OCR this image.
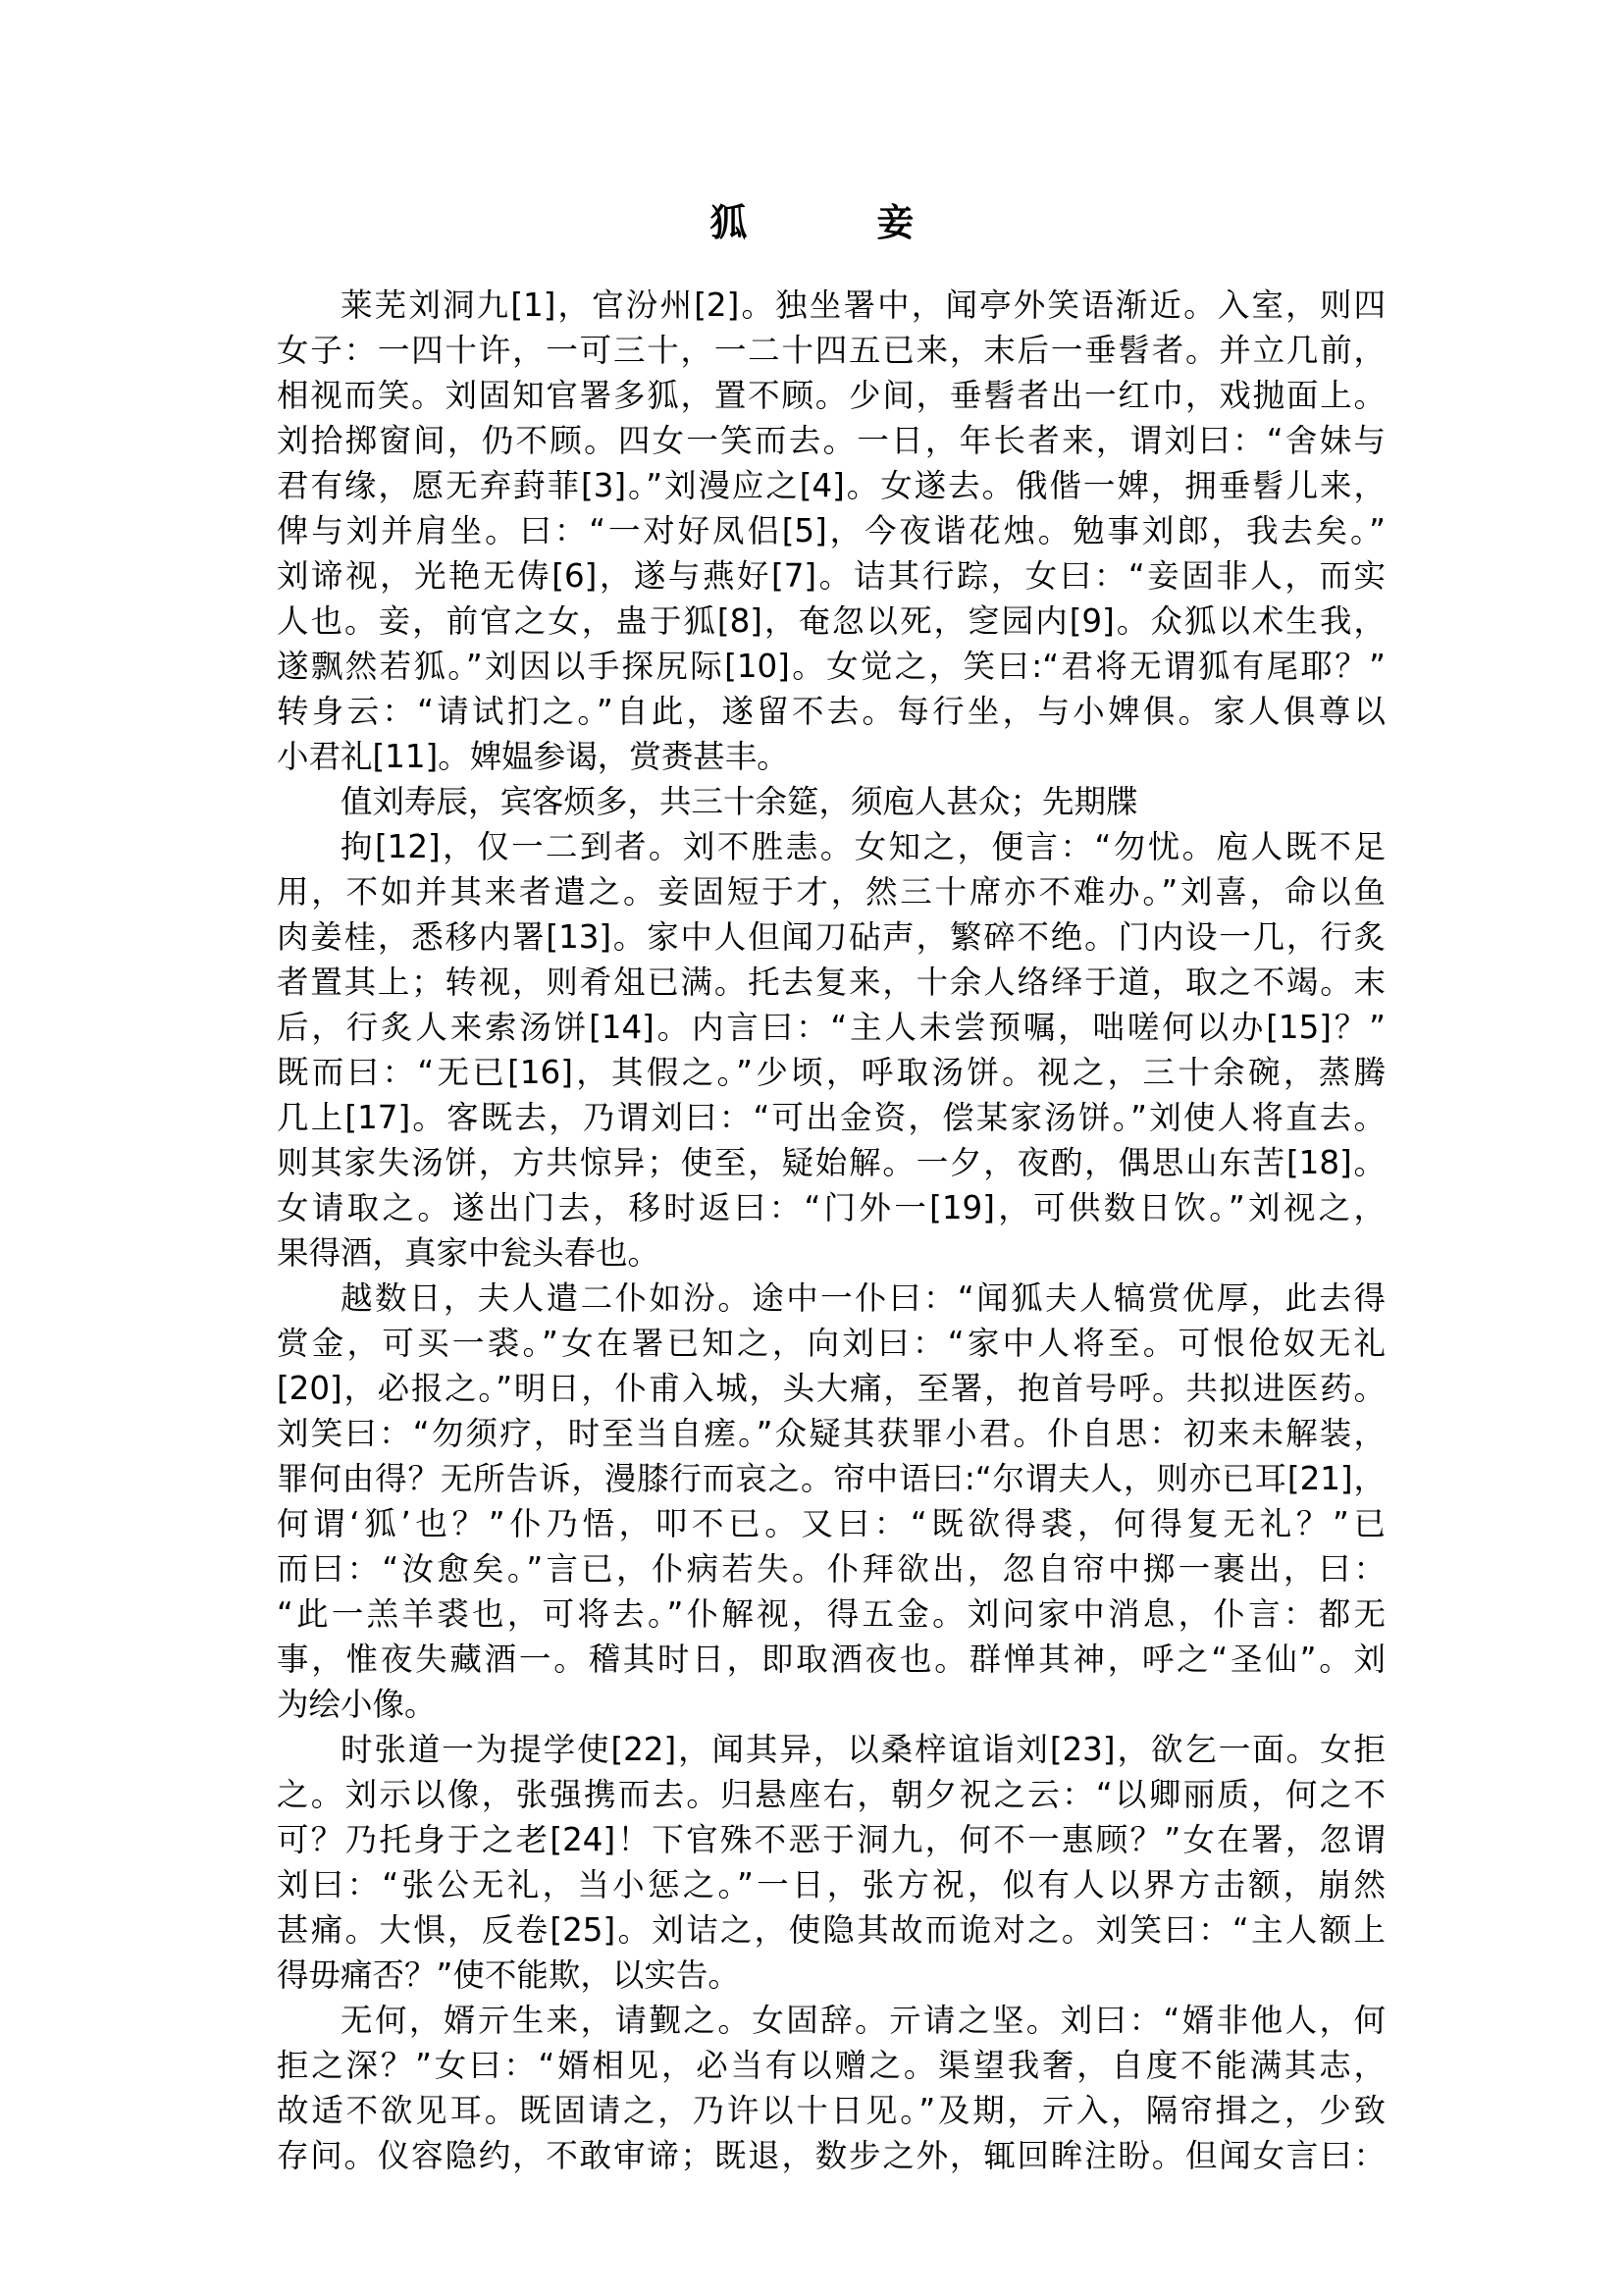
狐	妾
莱芜刘洞九[1]，官汾州[2]。独坐署中，闻亭外笑语渐近。入室，则四
女子：一四十许，一可三十，一二十四五已来，末后一垂髫者。并立几前，
相视而笑。刘固知官署多狐，置不顾。少间，垂髫者出一红巾，戏抛面上。
刘拾掷窗间，仍不顾。四女一笑而去。一日，年长者来，谓刘曰：“舍妹与
君有缘，愿无弃葑菲[3]。”刘漫应之[4]。女遂去。俄偕一婢，拥垂髫儿来，
俾与刘并肩坐。曰：“一对好凤侣[5]，今夜谐花烛。勉事刘郎，我去矣。”
刘谛视，光艳无俦[6]，遂与燕好[7]。诘其行踪，女曰：“妾固非人，而实
人也。妾，前官之女，蛊于狐[8]，奄忽以死，窆园内[9]。众狐以术生我，
遂飘然若狐。”刘因以手探尻际[10]。女觉之，笑曰:“君将无谓狐有尾耶？”
转身云：“请试扪之。”自此，遂留不去。每行坐，与小婢俱。家人俱尊以
小君礼[11]。婢媪参谒，赏赉甚丰。
值刘寿辰，宾客烦多，共三十余筵，须庖人甚众；先期牒
拘[12]，仅一二到者。刘不胜恚。女知之，便言：“勿忧。庖人既不足
用，不如并其来者遣之。妾固短于才，然三十席亦不难办。”刘喜，命以鱼
肉姜桂，悉移内署[13]。家中人但闻刀砧声，繁碎不绝。门内设一几，行炙
者置其上；转视，则肴俎已满。托去复来，十余人络绎于道，取之不竭。末
后，行炙人来索汤饼[14]。内言曰：“主人未尝预嘱，咄嗟何以办[15]？”
既而曰：“无已[16]，其假之。”少顷，呼取汤饼。视之，三十余碗，蒸腾
几上[17]。客既去，乃谓刘曰：“可出金资，偿某家汤饼。”刘使人将直去。
则其家失汤饼，方共惊异；使至，疑始解。一夕，夜酌，偶思山东苦[18]。
女请取之。遂出门去，移时返曰：“门外一[19]，可供数日饮。”刘视之，
果得酒，真家中瓮头春也。
越数日，夫人遣二仆如汾。途中一仆曰：“闻狐夫人犒赏优厚，此去得
赏金，可买一裘。”女在署已知之，向刘曰：“家中人将至。可恨伧奴无礼
[20]，必报之。”明日，仆甫入城，头大痛，至署，抱首号呼。共拟进医药。
刘笑曰：“勿须疗，时至当自瘥。”众疑其获罪小君。仆自思：初来未解装，
罪何由得？无所告诉，漫膝行而哀之。帘中语曰:“尔谓夫人，则亦已耳[21]，
何谓‘狐’也？”仆乃悟，叩不已。又曰：“既欲得裘，何得复无礼？”已
而曰：“汝愈矣。”言已，仆病若失。仆拜欲出，忽自帘中掷一裹出，曰：
“此一羔羊裘也，可将去。”仆解视，得五金。刘问家中消息，仆言：都无
事，惟夜失藏酒一。稽其时日，即取酒夜也。群惮其神，呼之“圣仙”。刘
为绘小像。
时张道一为提学使[22]，闻其异，以桑梓谊诣刘[23]，欲乞一面。女拒
之。刘示以像，张强携而去。归悬座右，朝夕祝之云：“以卿丽质，何之不
可？乃托身于之老[24]！下官殊不恶于洞九，何不一惠顾？”女在署，忽谓
刘曰：“张公无礼，当小惩之。”一日，张方祝，似有人以界方击额，崩然
甚痛。大惧，反卷[25]。刘诘之，使隐其故而诡对之。刘笑曰：“主人额上
得毋痛否？”使不能欺，以实告。
无何，婿亓生来，请觐之。女固辞。亓请之坚。刘曰：“婿非他人，何
拒之深？”女曰：“婿相见，必当有以赠之。渠望我奢，自度不能满其志，
故适不欲见耳。既固请之，乃许以十日见。”及期，亓入，隔帘揖之，少致
存问。仪容隐约，不敢审谛；既退，数步之外，辄回眸注盼。但闻女言曰：
